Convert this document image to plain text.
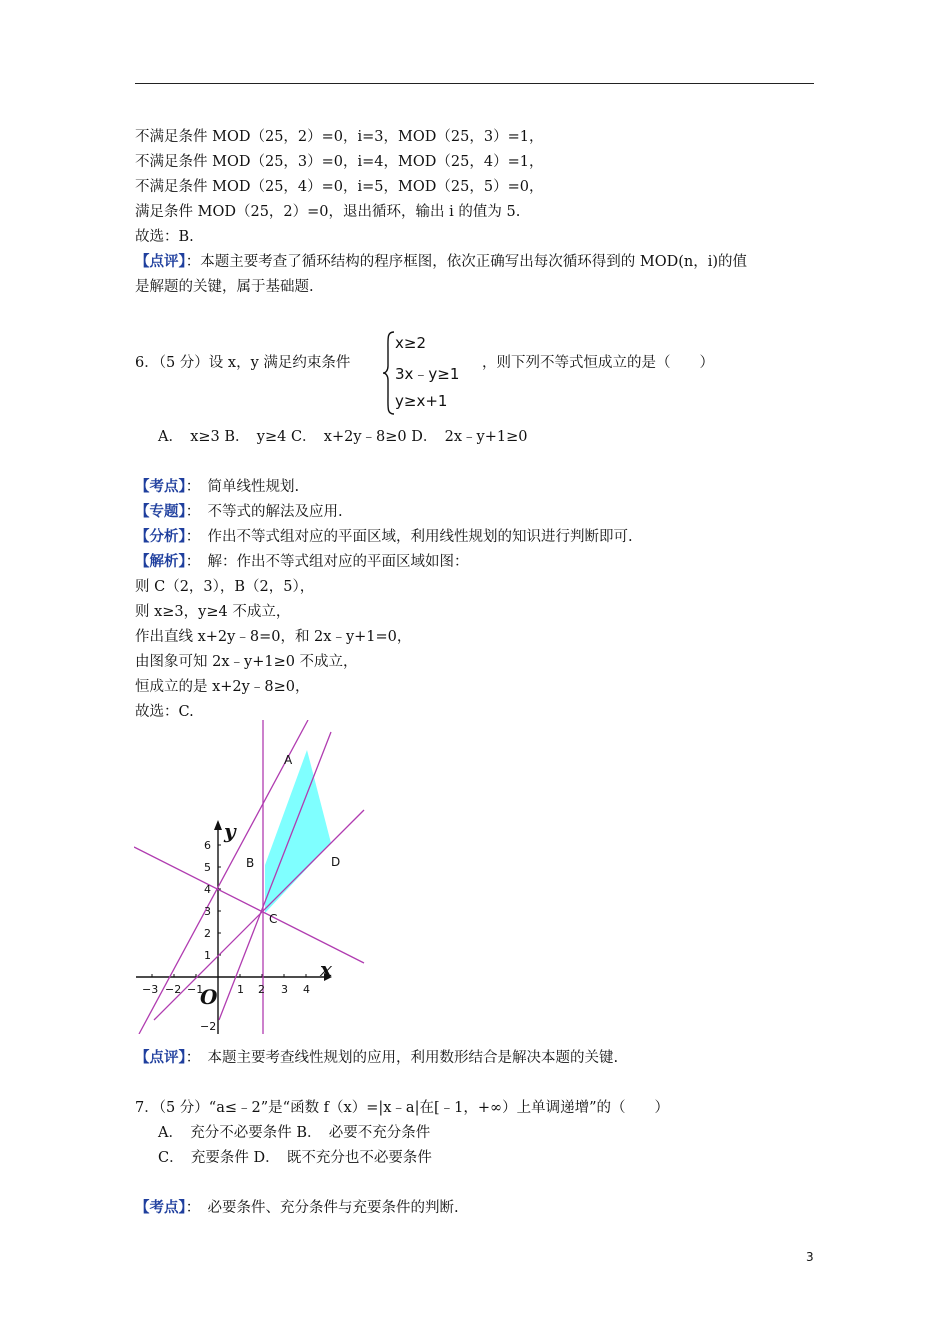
不满足条件 MOD（25，2）=0，i=3，MOD（25，3）=1，
不满足条件 MOD（25，3）=0，i=4，MOD（25，4）=1，
不满足条件 MOD（25，4）=0，i=5，MOD（25，5）=0，
满足条件 MOD（25，2）=0，退出循环，输出 i 的值为 5.
故选：B.
【点评】：本题主要考查了循环结构的程序框图，依次正确写出每次循环得到的 MOD(n，i)的值
是解题的关键，属于基础题.
6．（5 分）设 x，y 满足约束条件
x≥2
3x﹣y≥1
y≥x+1
，则下列不等式恒成立的是（　　）
A．　x≥3 B．　y≥4 C．　x+2y﹣8≥0 D．　2x﹣y+1≥0
【考点】：　简单线性规划.
【专题】：　不等式的解法及应用.
【分析】：　作出不等式组对应的平面区域，利用线性规划的知识进行判断即可.
【解析】：　解：作出不等式组对应的平面区域如图：
则 C（2，3），B（2，5），
则 x≥3，y≥4 不成立，
作出直线 x+2y﹣8=0，和 2x﹣y+1=0，
由图象可知 2x﹣y+1≥0 不成立，
恒成立的是 x+2y﹣8≥0，
故选：C.
−3 −2 −1	1 2 3 4
6
5
4
3
2
1
−2
y
x
O
A
B
C
D
【点评】：　本题主要考查线性规划的应用，利用数形结合是解决本题的关键.
7．（5 分）“a≤﹣2”是“函数 f（x）=|x﹣a|在[﹣1，+∞）上单调递增”的（　　）
A．　充分不必要条件 B．　必要不充分条件
C．　充要条件 D．　既不充分也不必要条件
【考点】：　必要条件、充分条件与充要条件的判断.
3
